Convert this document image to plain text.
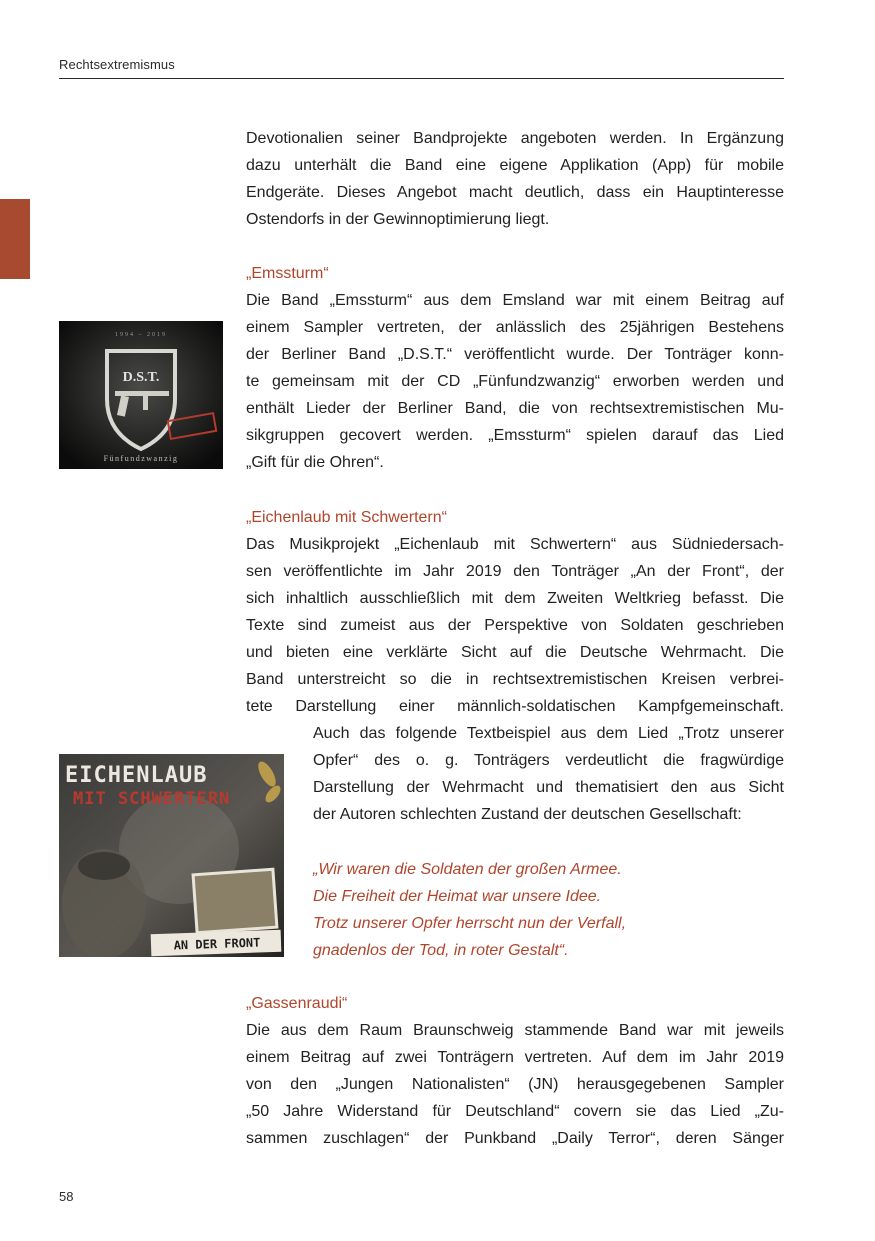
Rechtsextremismus
Devotionalien seiner Bandprojekte angeboten werden. In Ergänzung
dazu unterhält die Band eine eigene Applikation (App) für mobile
Endgeräte. Dieses Angebot macht deutlich, dass ein Hauptinteresse
Ostendorfs in der Gewinnoptimierung liegt.
„Emssturm“
Die Band „Emssturm“ aus dem Emsland war mit einem Beitrag auf
einem Sampler vertreten, der anlässlich des 25jährigen Bestehens
der Berliner Band „D.S.T.“ veröffentlicht wurde. Der Tonträger konn-
te gemeinsam mit der CD „Fünfundzwanzig“ erworben werden und
enthält Lieder der Berliner Band, die von rechtsextremistischen Mu-
sikgruppen gecovert werden. „Emssturm“ spielen darauf das Lied
„Gift für die Ohren“.
D.S.T.
1994 – 2019
Fünfundzwanzig
„Eichenlaub mit Schwertern“
Das Musikprojekt „Eichenlaub mit Schwertern“ aus Südniedersach-
sen veröffentlichte im Jahr 2019 den Tonträger „An der Front“, der
sich inhaltlich ausschließlich mit dem Zweiten Weltkrieg befasst. Die
Texte sind zumeist aus der Perspektive von Soldaten geschrieben
und bieten eine verklärte Sicht auf die Deutsche Wehrmacht. Die
Band unterstreicht so die in rechtsextremistischen Kreisen verbrei-
tete Darstellung einer männlich-soldatischen Kampfgemeinschaft.
Auch das folgende Textbeispiel aus dem Lied „Trotz unserer
Opfer“ des o. g. Tonträgers verdeutlicht die fragwürdige
Darstellung der Wehrmacht und thematisiert den aus Sicht
der Autoren schlechten Zustand der deutschen Gesellschaft:
„Wir waren die Soldaten der großen Armee.
Die Freiheit der Heimat war unsere Idee.
Trotz unserer Opfer herrscht nun der Verfall,
gnadenlos der Tod, in roter Gestalt“.
EICHENLAUB
MIT SCHWERTERN
AN DER FRONT
„Gassenraudi“
Die aus dem Raum Braunschweig stammende Band war mit jeweils
einem Beitrag auf zwei Tonträgern vertreten. Auf dem im Jahr 2019
von den „Jungen Nationalisten“ (JN) herausgegebenen Sampler
„50 Jahre Widerstand für Deutschland“ covern sie das Lied „Zu-
sammen zuschlagen“ der Punkband „Daily Terror“, deren Sänger
58
